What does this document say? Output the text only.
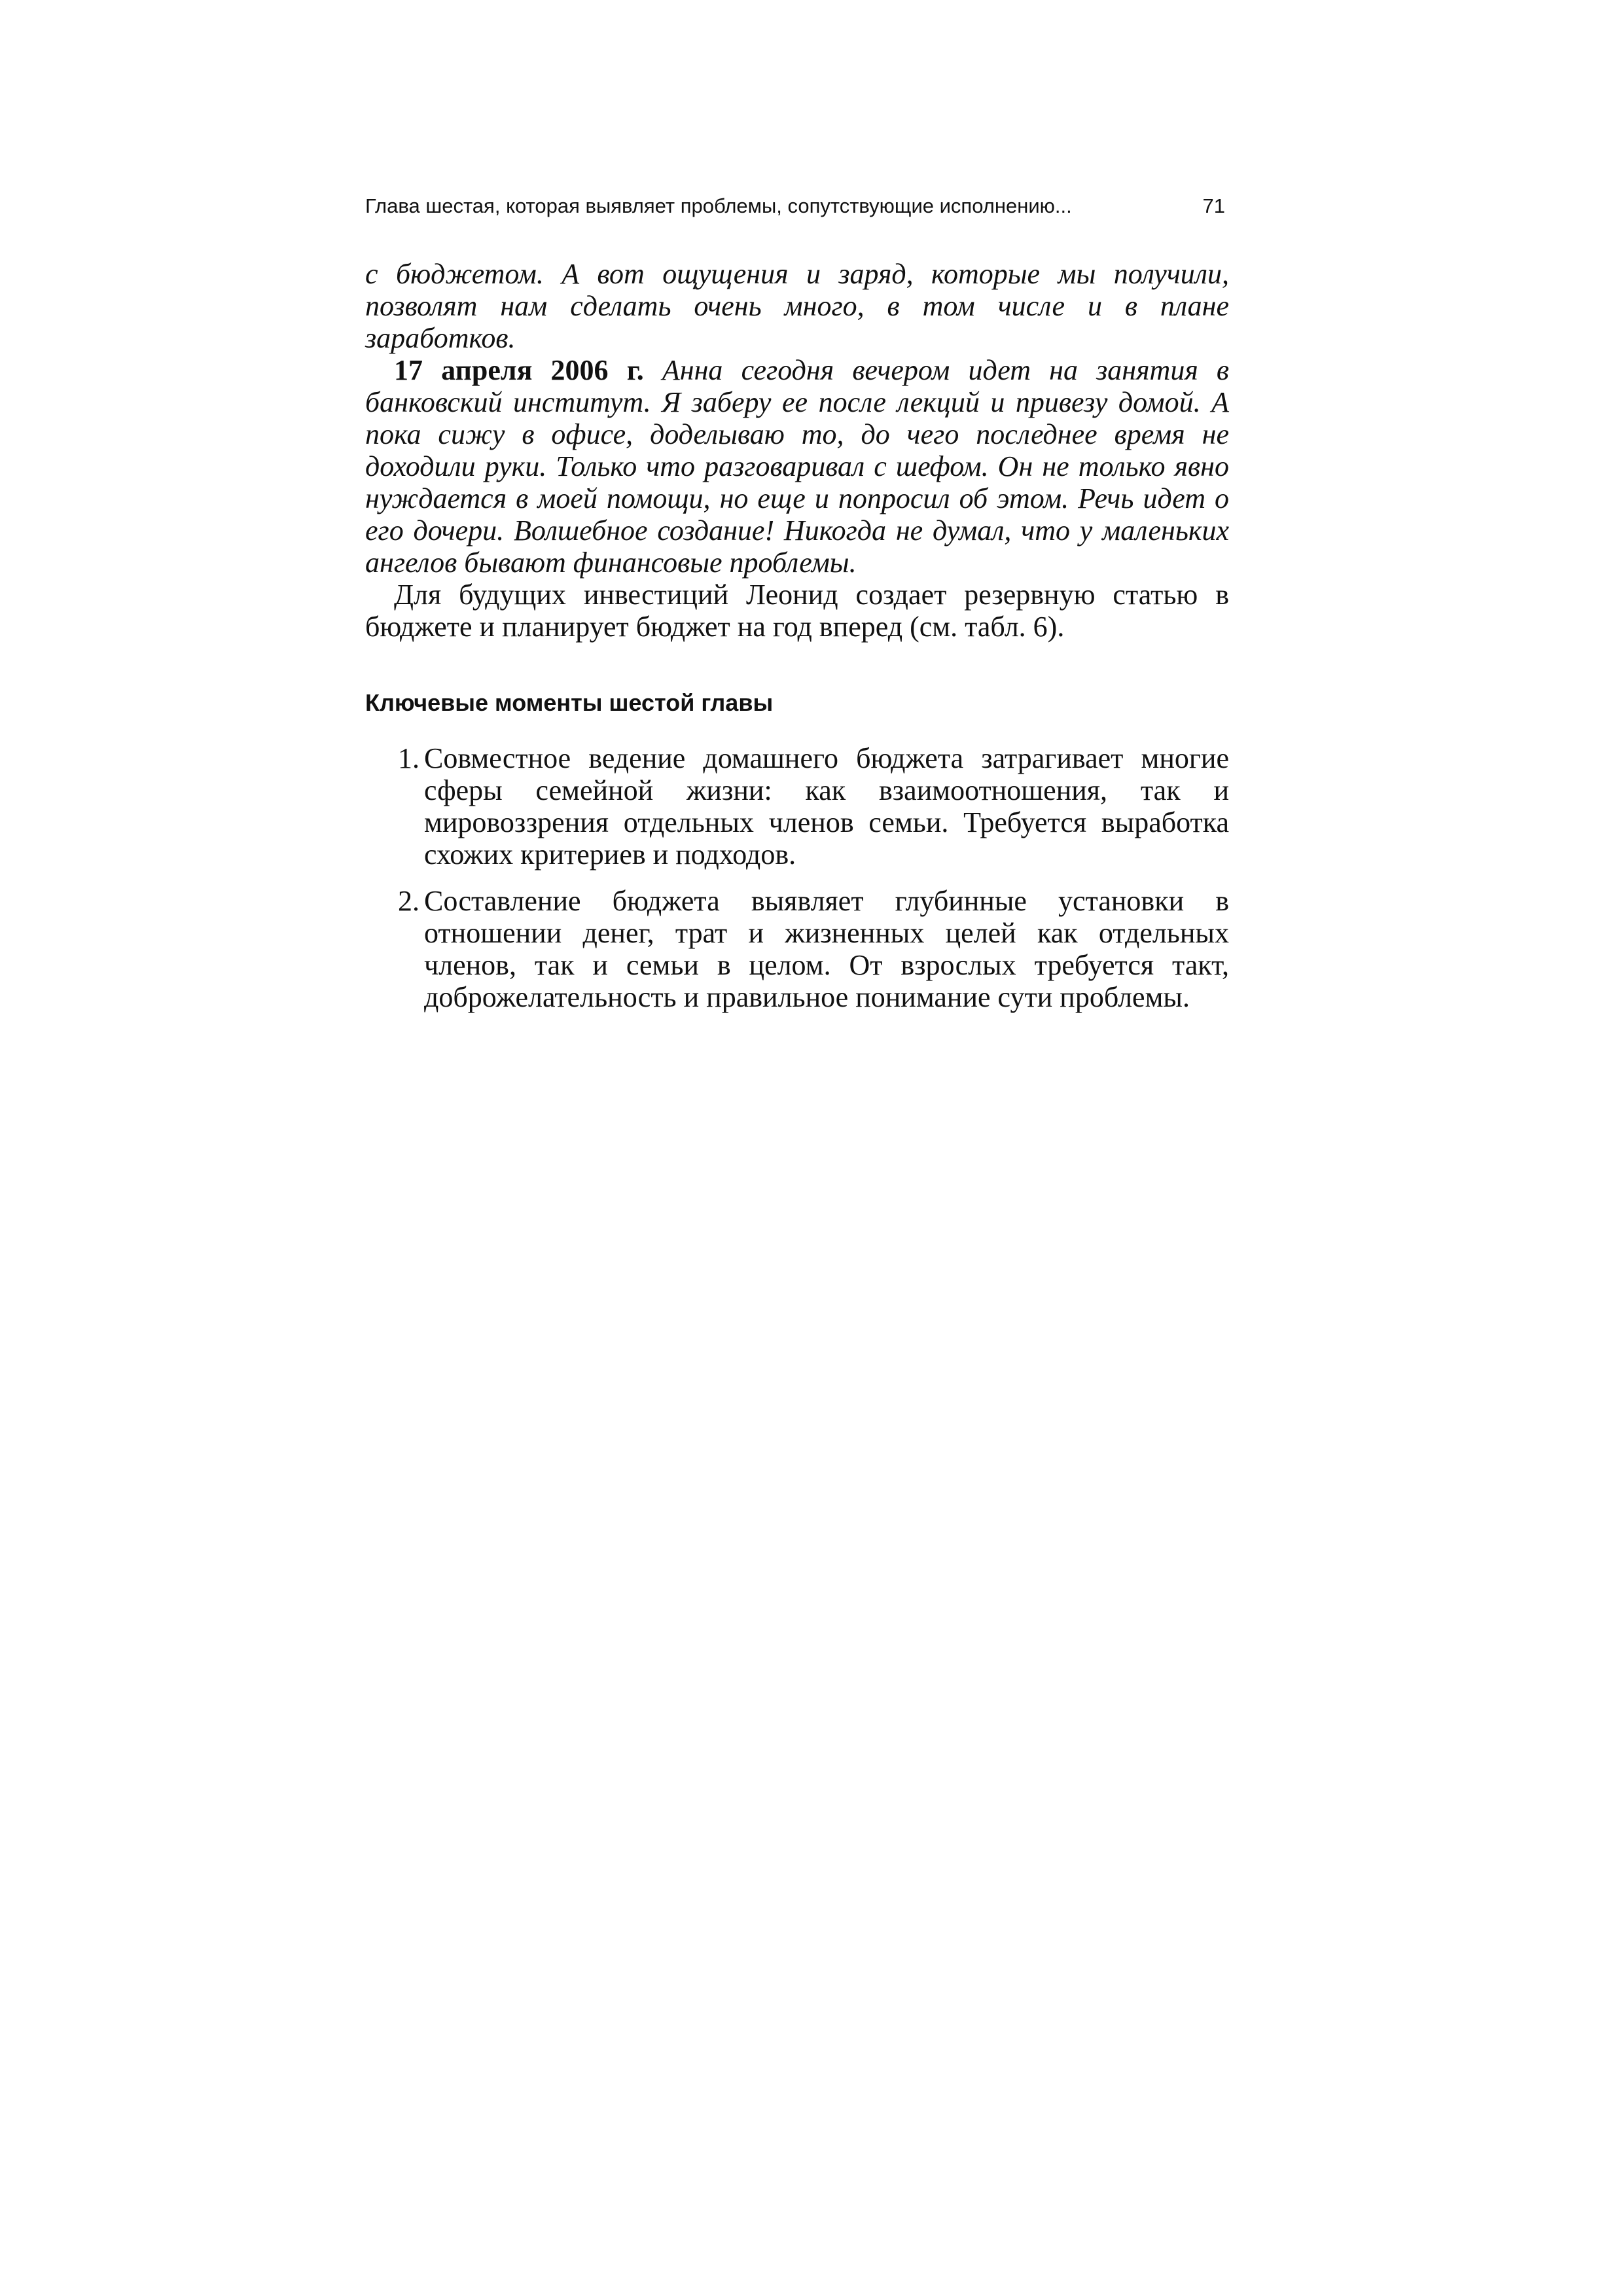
Глава шестая, которая выявляет проблемы, сопутствующие исполнению...	71

с бюджетом. А вот ощущения и заряд, которые мы получили, позволят нам сделать очень много, в том числе и в плане заработков.

17 апреля 2006 г. Анна сегодня вечером идет на занятия в банковский институт. Я заберу ее после лекций и привезу домой. А пока сижу в офисе, доделываю то, до чего последнее время не доходили руки. Только что разговаривал с шефом. Он не только явно нуждается в моей помощи, но еще и попросил об этом. Речь идет о его дочери. Волшебное создание! Никогда не думал, что у маленьких ангелов бывают финансовые проблемы.

Для будущих инвестиций Леонид создает резервную статью в бюджете и планирует бюджет на год вперед (см. табл. 6).

Ключевые моменты шестой главы
1. Совместное ведение домашнего бюджета затрагивает многие сферы семейной жизни: как взаимоотношения, так и мировоззрения отдельных членов семьи. Требуется выработка схожих критериев и подходов.
2. Составление бюджета выявляет глубинные установки в отношении денег, трат и жизненных целей как отдельных членов, так и семьи в целом. От взрослых требуется такт, доброжелательность и правильное понимание сути проблемы.
